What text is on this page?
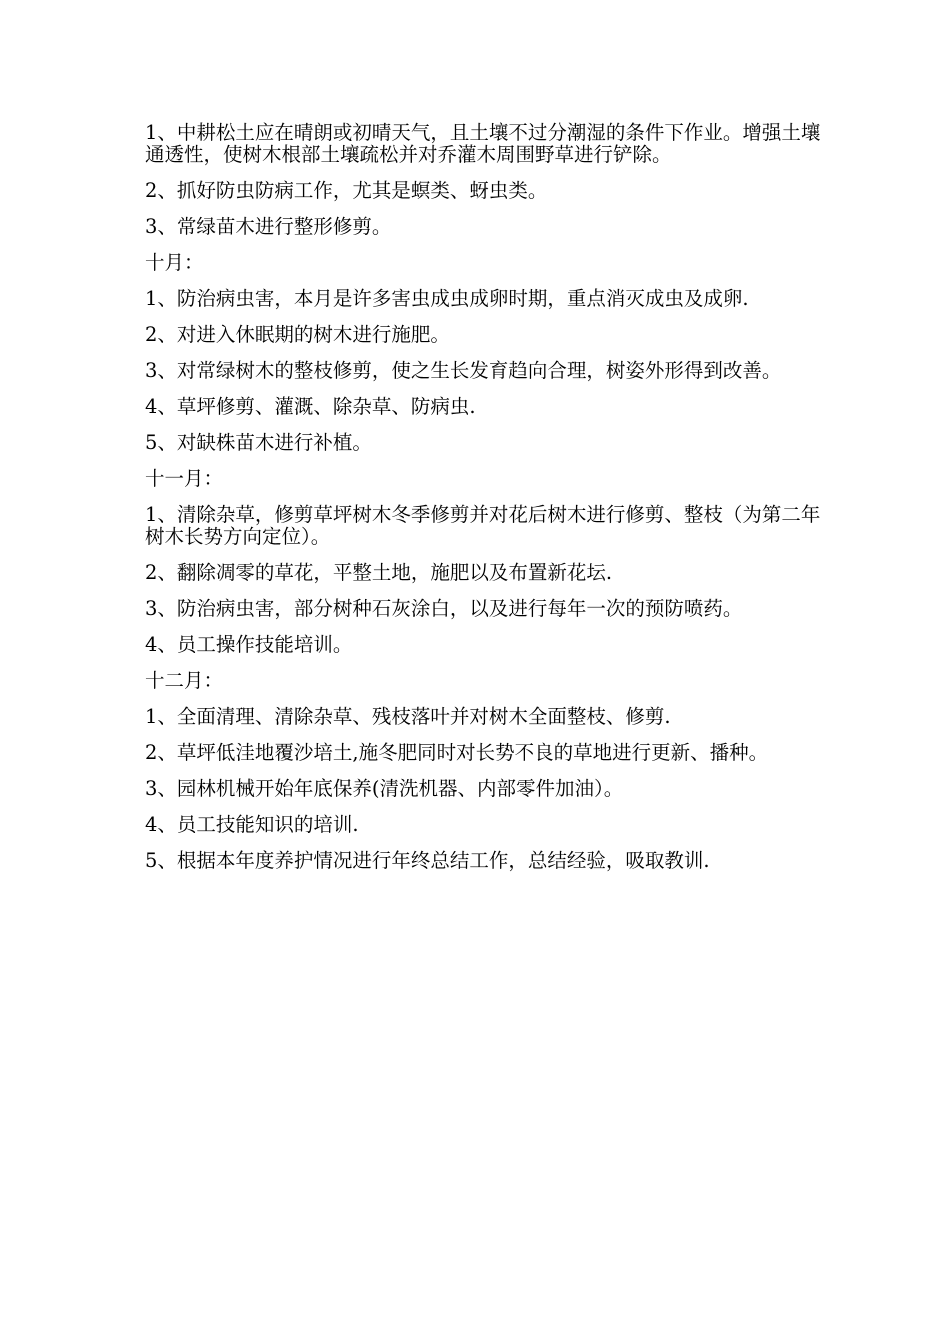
1、中耕松土应在晴朗或初晴天气，且土壤不过分潮湿的条件下作业。增强土壤通透性，使树木根部土壤疏松并对乔灌木周围野草进行铲除。

2、抓好防虫防病工作，尤其是螟类、蚜虫类。

3、常绿苗木进行整形修剪。

十月：

1、防治病虫害，本月是许多害虫成虫成卵时期，重点消灭成虫及成卵.

2、对进入休眠期的树木进行施肥。

3、对常绿树木的整枝修剪，使之生长发育趋向合理，树姿外形得到改善。

4、草坪修剪、灌溉、除杂草、防病虫.

5、对缺株苗木进行补植。

十一月：

1、清除杂草，修剪草坪树木冬季修剪并对花后树木进行修剪、整枝（为第二年树木长势方向定位）。

2、翻除凋零的草花，平整土地，施肥以及布置新花坛.

3、防治病虫害，部分树种石灰涂白，以及进行每年一次的预防喷药。

4、员工操作技能培训。

十二月：

1、全面清理、清除杂草、残枝落叶并对树木全面整枝、修剪.

2、草坪低洼地覆沙培土,施冬肥同时对长势不良的草地进行更新、播种。

3、园林机械开始年底保养(清洗机器、内部零件加油）。

4、员工技能知识的培训.

5、根据本年度养护情况进行年终总结工作，总结经验，吸取教训.
